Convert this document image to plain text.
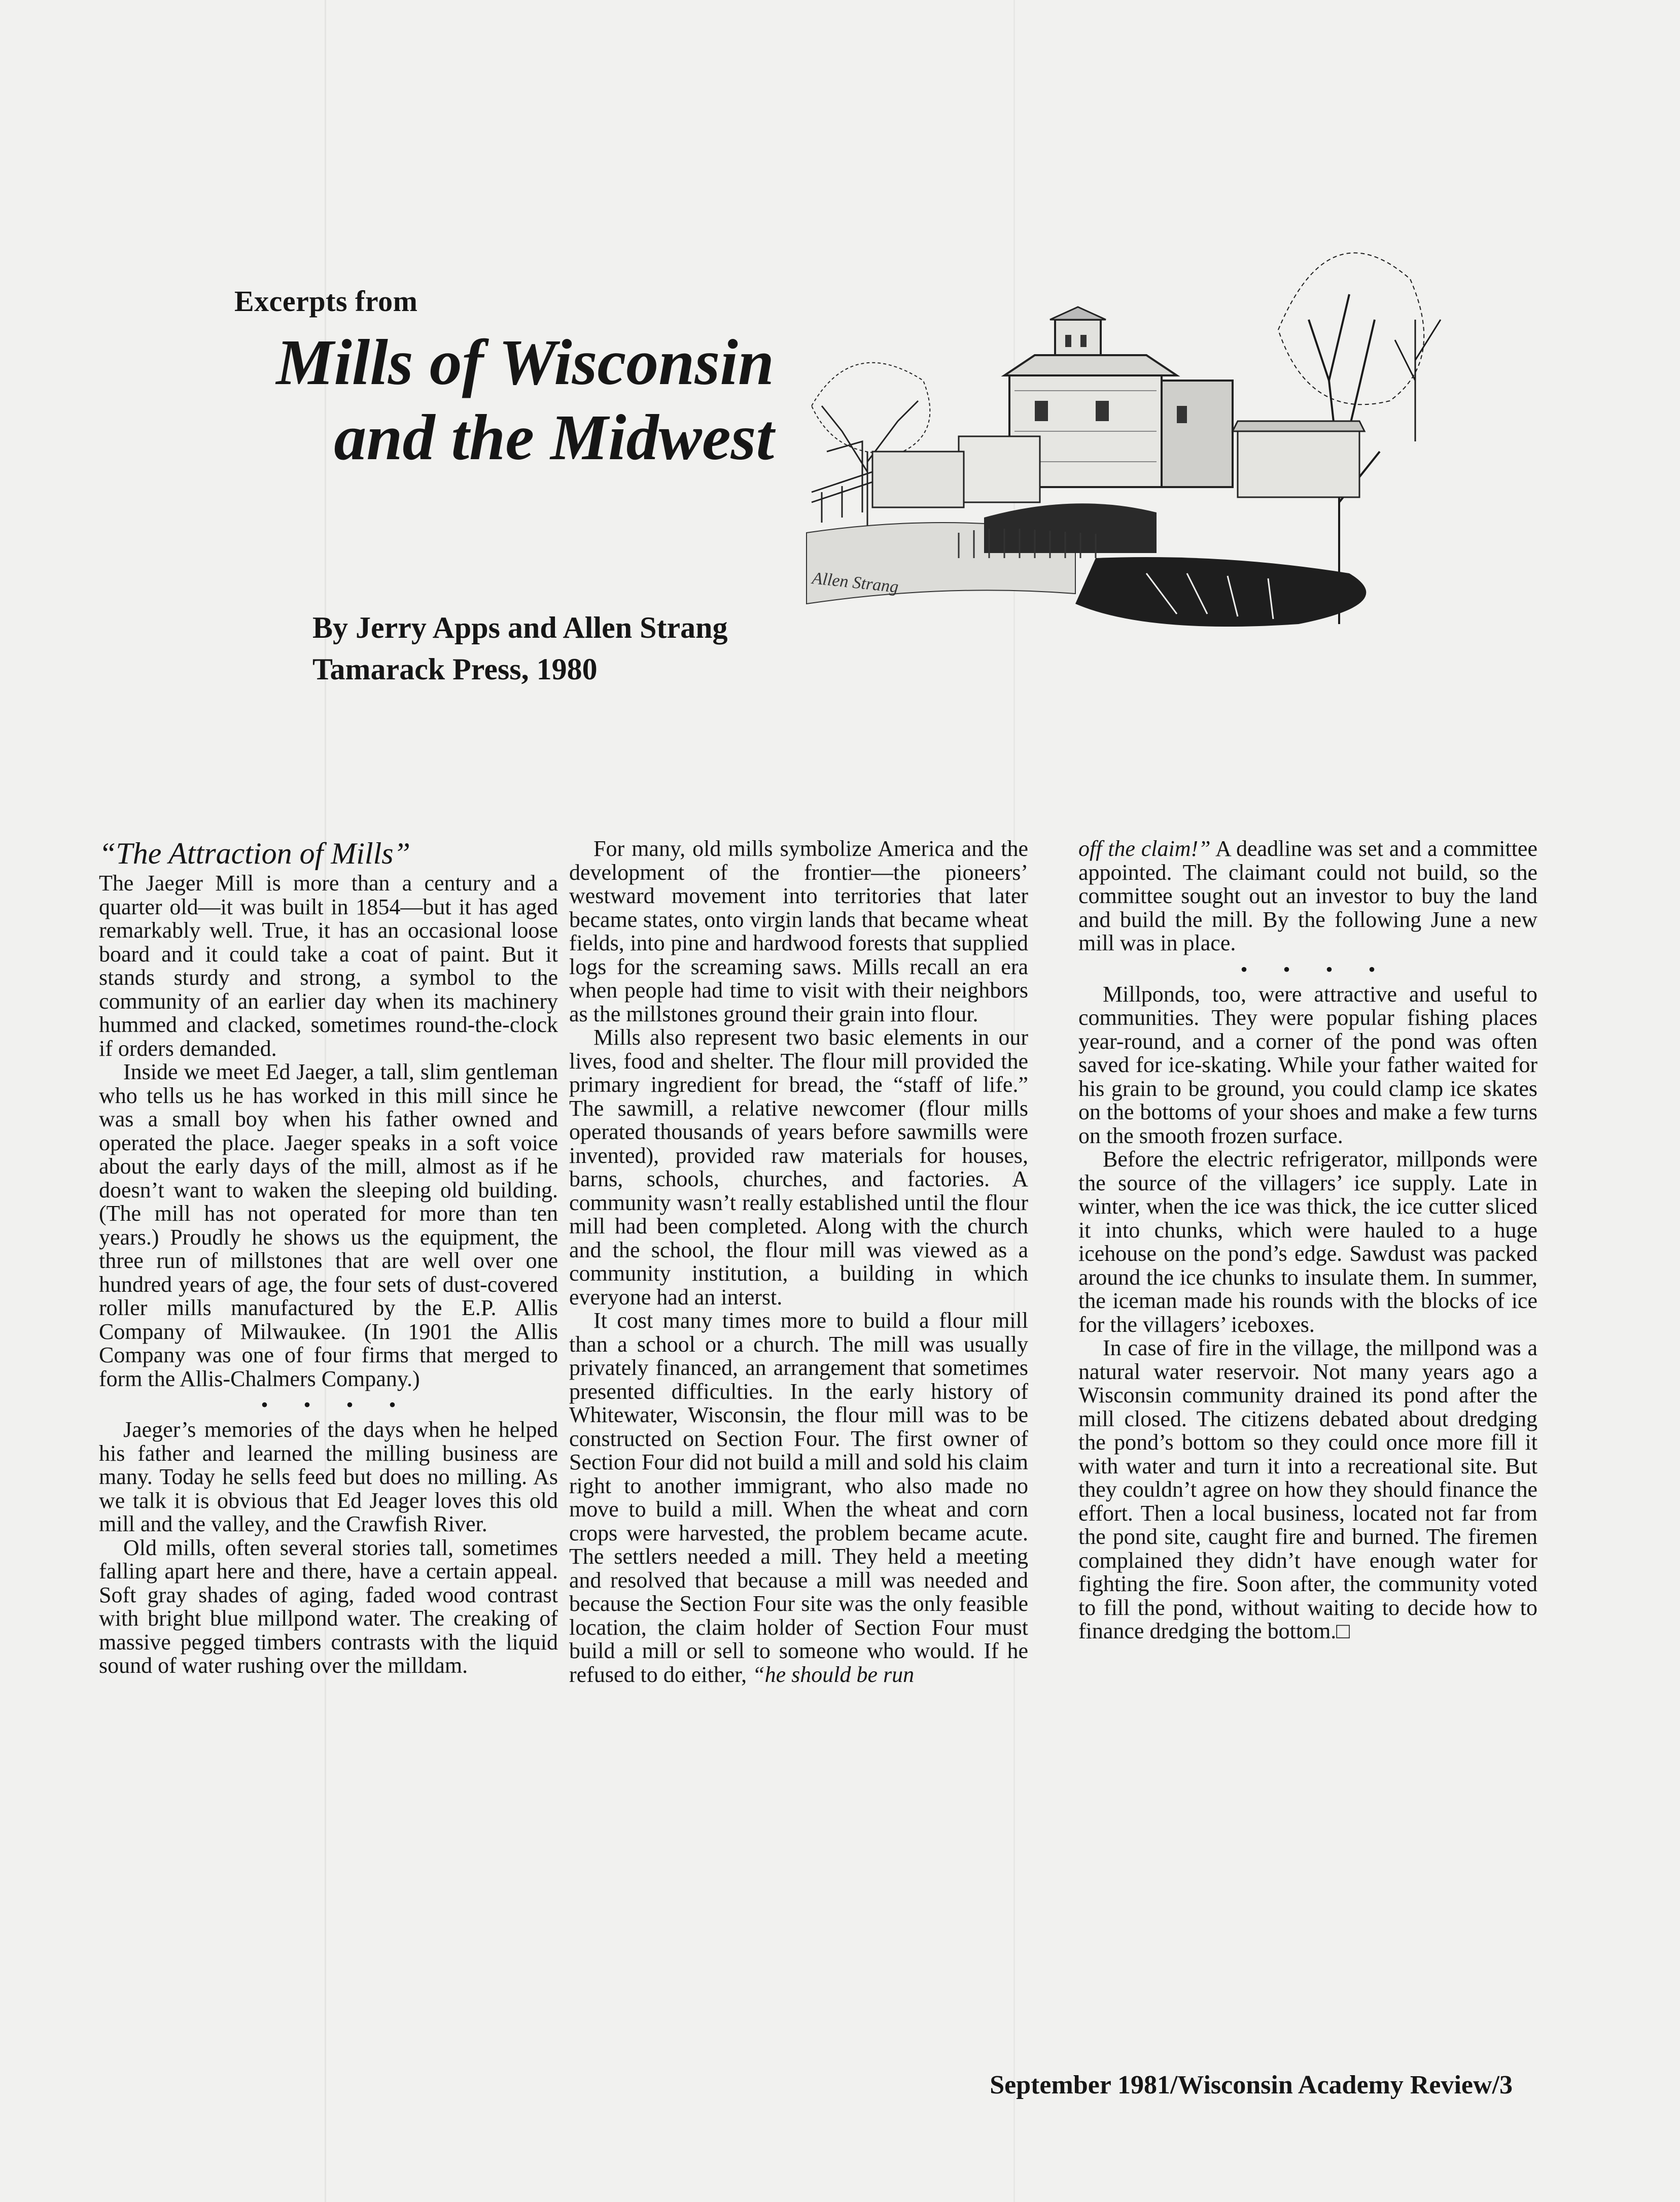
Excerpts from
Mills of Wisconsin
and the Midwest
By Jerry Apps and Allen Strang
Tamarack Press, 1980
Allen Strang
“The Attraction of Mills”

The Jaeger Mill is more than a century and a quarter old—it was built in 1854—but it has aged remarkably well. True, it has an occasional loose board and it could take a coat of paint. But it stands sturdy and strong, a symbol to the community of an earlier day when its machinery hummed and clacked, sometimes round-the-clock if orders demanded.

Inside we meet Ed Jaeger, a tall, slim gentleman who tells us he has worked in this mill since he was a small boy when his father owned and operated the place. Jaeger speaks in a soft voice about the early days of the mill, almost as if he doesn’t want to waken the sleeping old building. (The mill has not operated for more than ten years.) Proudly he shows us the equipment, the three run of millstones that are well over one hundred years of age, the four sets of dust-covered roller mills manufactured by the E.P. Allis Company of Milwaukee. (In 1901 the Allis Company was one of four firms that merged to form the Allis-Chalmers Company.)

• • • •

Jaeger’s memories of the days when he helped his father and learned the milling business are many. Today he sells feed but does no milling. As we talk it is obvious that Ed Jeager loves this old mill and the valley, and the Crawfish River.

Old mills, often several stories tall, sometimes falling apart here and there, have a certain appeal. Soft gray shades of aging, faded wood contrast with bright blue millpond water. The creaking of massive pegged timbers contrasts with the liquid sound of water rushing over the milldam.

For many, old mills symbolize America and the development of the frontier—the pioneers’ westward movement into territories that later became states, onto virgin lands that became wheat fields, into pine and hardwood forests that supplied logs for the screaming saws. Mills recall an era when people had time to visit with their neighbors as the millstones ground their grain into flour.

Mills also represent two basic elements in our lives, food and shelter. The flour mill provided the primary ingredient for bread, the “staff of life.” The sawmill, a relative newcomer (flour mills operated thousands of years before sawmills were invented), provided raw materials for houses, barns, schools, churches, and factories. A community wasn’t really established until the flour mill had been completed. Along with the church and the school, the flour mill was viewed as a community institution, a building in which everyone had an interst.

It cost many times more to build a flour mill than a school or a church. The mill was usually privately financed, an arrangement that sometimes presented difficulties. In the early history of Whitewater, Wisconsin, the flour mill was to be constructed on Section Four. The first owner of Section Four did not build a mill and sold his claim right to another immigrant, who also made no move to build a mill. When the wheat and corn crops were harvested, the problem became acute. The settlers needed a mill. They held a meeting and resolved that because a mill was needed and because the Section Four site was the only feasible location, the claim holder of Section Four must build a mill or sell to someone who would. If he refused to do either, “he should be run

off the claim!” A deadline was set and a committee appointed. The claimant could not build, so the committee sought out an investor to buy the land and build the mill. By the following June a new mill was in place.

• • • •

Millponds, too, were attractive and useful to communities. They were popular fishing places year-round, and a corner of the pond was often saved for ice-skating. While your father waited for his grain to be ground, you could clamp ice skates on the bottoms of your shoes and make a few turns on the smooth frozen surface.

Before the electric refrigerator, millponds were the source of the villagers’ ice supply. Late in winter, when the ice was thick, the ice cutter sliced it into chunks, which were hauled to a huge icehouse on the pond’s edge. Sawdust was packed around the ice chunks to insulate them. In summer, the iceman made his rounds with the blocks of ice for the villagers’ iceboxes.

In case of fire in the village, the millpond was a natural water reservoir. Not many years ago a Wisconsin community drained its pond after the mill closed. The citizens debated about dredging the pond’s bottom so they could once more fill it with water and turn it into a recreational site. But they couldn’t agree on how they should finance the effort. Then a local business, located not far from the pond site, caught fire and burned. The firemen complained they didn’t have enough water for fighting the fire. Soon after, the community voted to fill the pond, without waiting to decide how to finance dredging the bottom.□

September 1981/Wisconsin Academy Review/3
